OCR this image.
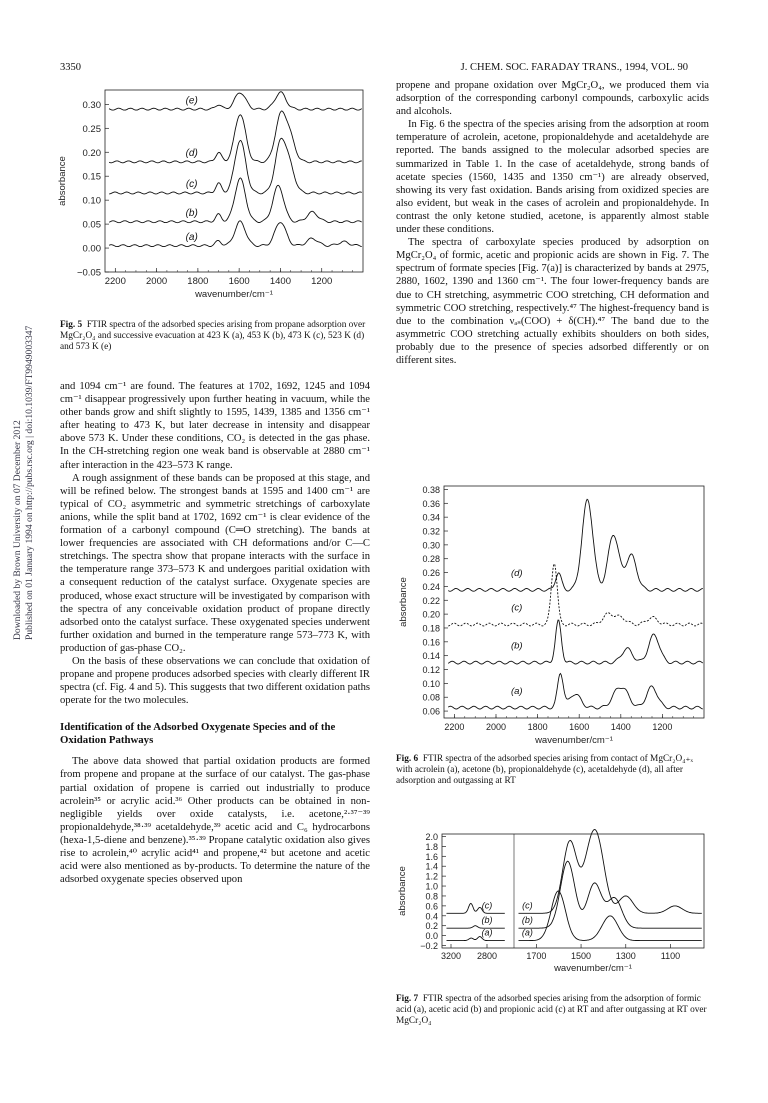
3350	J. CHEM. SOC. FARADAY TRANS., 1994, VOL. 90
Published on 01 January 1994 on http://pubs.rsc.org | doi:10.1039/FT9949003347
Downloaded by Brown University on 07 December 2012
0.30
0.25
0.20
0.15
0.10
0.05
0.00
−0.05
2200 2000 1800 1600 1400 1200
wavenumber/cm⁻¹
absorbance
(a)
(b)
(c)
(d)
(e)
Fig. 5 FTIR spectra of the adsorbed species arising from propane adsorption over MgCr₂O₄ and successive evacuation at 423 K (a), 453 K (b), 473 K (c), 523 K (d) and 573 K (e)

and 1094 cm⁻¹ are found. The features at 1702, 1692, 1245 and 1094 cm⁻¹ disappear progressively upon further heating in vacuum, while the other bands grow and shift slightly to 1595, 1439, 1385 and 1356 cm⁻¹ after heating to 473 K, but later decrease in intensity and disappear above 573 K. Under these conditions, CO₂ is detected in the gas phase. In the CH-stretching region one weak band is observable at 2880 cm⁻¹ after interaction in the 423–573 K range.

A rough assignment of these bands can be proposed at this stage, and will be refined below. The strongest bands at 1595 and 1400 cm⁻¹ are typical of CO₂ asymmetric and symmetric stretchings of carboxylate anions, while the split band at 1702, 1692 cm⁻¹ is clear evidence of the formation of a carbonyl compound (C═O stretching). The bands at lower frequencies are associated with CH deformations and/or C—C stretchings. The spectra show that propane interacts with the surface in the temperature range 373–573 K and undergoes paritial oxidation with a consequent reduction of the catalyst surface. Oxygenate species are produced, whose exact structure will be investigated by comparison with the spectra of any conceivable oxidation product of propane directly adsorbed onto the catalyst surface. These oxygenated species underwent further oxidation and burned in the temperature range 573–773 K, with production of gas-phase CO₂.

On the basis of these observations we can conclude that oxidation of propane and propene produces adsorbed species with clearly different IR spectra (cf. Fig. 4 and 5). This suggests that two different oxidation paths operate for the two molecules.

Identification of the Adsorbed Oxygenate Species and of the Oxidation Pathways

The above data showed that partial oxidation products are formed from propene and propane at the surface of our catalyst. The gas-phase partial oxidation of propene is carried out industrially to produce acrolein³⁵ or acrylic acid.³⁶ Other products can be obtained in non-negligible yields over oxide catalysts, i.e. acetone,²·³⁷⁻³⁹ propionaldehyde,³⁸·³⁹ acetaldehyde,³⁹ acetic acid and C₆ hydrocarbons (hexa-1,5-diene and benzene).³⁵·³⁹ Propane catalytic oxidation also gives rise to acrolein,⁴⁰ acrylic acid⁴¹ and propene,⁴² but acetone and acetic acid were also mentioned as by-products. To determine the nature of the adsorbed oxygenate species observed upon

propene and propane oxidation over MgCr₂O₄, we produced them via adsorption of the corresponding carbonyl compounds, carboxylic acids and alcohols.

In Fig. 6 the spectra of the species arising from the adsorption at room temperature of acrolein, acetone, propionaldehyde and acetaldehyde are reported. The bands assigned to the molecular adsorbed species are summarized in Table 1. In the case of acetaldehyde, strong bands of acetate species (1560, 1435 and 1350 cm⁻¹) are already observed, showing its very fast oxidation. Bands arising from oxidized species are also evident, but weak in the cases of acrolein and propionaldehyde. In contrast the only ketone studied, acetone, is apparently almost stable under these conditions.

The spectra of carboxylate species produced by adsorption on MgCr₂O₄ of formic, acetic and propionic acids are shown in Fig. 7. The spectrum of formate species [Fig. 7(a)] is characterized by bands at 2975, 2880, 1602, 1390 and 1360 cm⁻¹. The four lower-frequency bands are due to CH stretching, asymmetric COO stretching, CH deformation and symmetric COO stretching, respectively.⁴⁷ The highest-frequency band is due to the combination νₐₛ(COO) + δ(CH).⁴⁷ The band due to the asymmetric COO stretching actually exhibits shoulders on both sides, probably due to the presence of species adsorbed differently or on different sites.

0.38
0.36
0.34
0.32
0.30
0.28
0.26
0.24
0.22
0.20
0.18
0.16
0.14
0.12
0.10
0.08
0.06
2200 2000 1800 1600 1400 1200
wavenumber/cm⁻¹
absorbance
(a)
(b)
(c)
(d)
Fig. 6 FTIR spectra of the adsorbed species arising from contact of MgCr₂O₄₊ₓ with acrolein (a), acetone (b), propionaldehyde (c), acetaldehyde (d), all after adsorption and outgassing at RT
2.0
1.8
1.6
1.4
1.2
1.0
0.8
0.6
0.4
0.2
0.0
−0.2
3200 2800	1700	1500	1300	1100
wavenumber/cm⁻¹
absorbance
(a)	(a)
(b)	(b)
(c)	(c)
Fig. 7 FTIR spectra of the adsorbed species arising from the adsorption of formic acid (a), acetic acid (b) and propionic acid (c) at RT and after outgassing at RT over MgCr₂O₄
